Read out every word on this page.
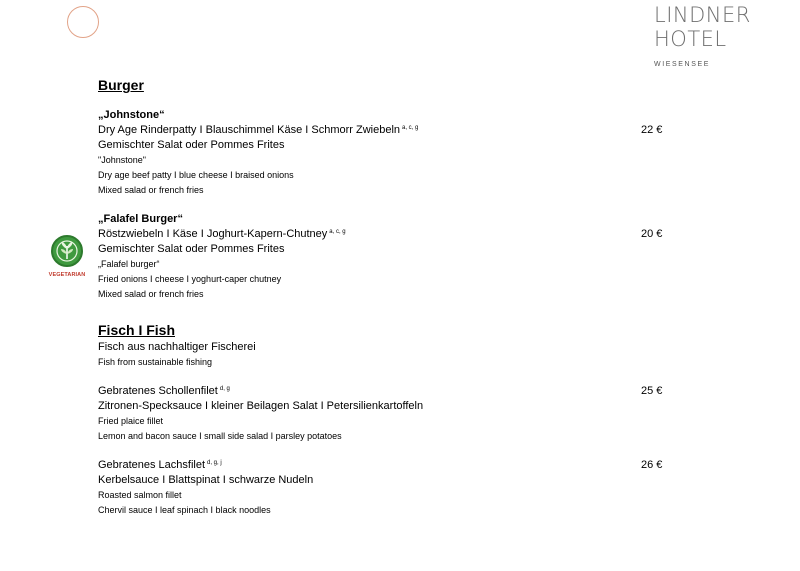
LINDNER
HOTEL
WIESENSEE
Burger
„Johnstone“
Dry Age Rinderpatty I Blauschimmel Käse I Schmorr Zwiebeln $^{a, c, g}$
Gemischter Salat oder Pommes Frites
"Johnstone"
Dry age beef patty I blue cheese I braised onions
Mixed salad or french fries
22 €
„Falafel Burger“
Röstzwiebeln I Käse I Joghurt-Kapern-Chutney $^{a, c, g}$
Gemischter Salat oder Pommes Frites
„Falafel burger“
Fried onions I cheese I yoghurt-caper chutney
Mixed salad or french fries
20 €
VEGETARIAN
Fisch I Fish
Fisch aus nachhaltiger Fischerei
Fish from sustainable fishing
Gebratenes Schollenfilet $^{d, g}$
Zitronen-Specksauce I kleiner Beilagen Salat I Petersilienkartoffeln
Fried plaice fillet
Lemon and bacon sauce I small side salad I parsley potatoes
25 €
Gebratenes Lachsfilet $^{d, g, j}$
Kerbelsauce I Blattspinat I schwarze Nudeln
Roasted salmon fillet
Chervil sauce I leaf spinach I black noodles
26 €
